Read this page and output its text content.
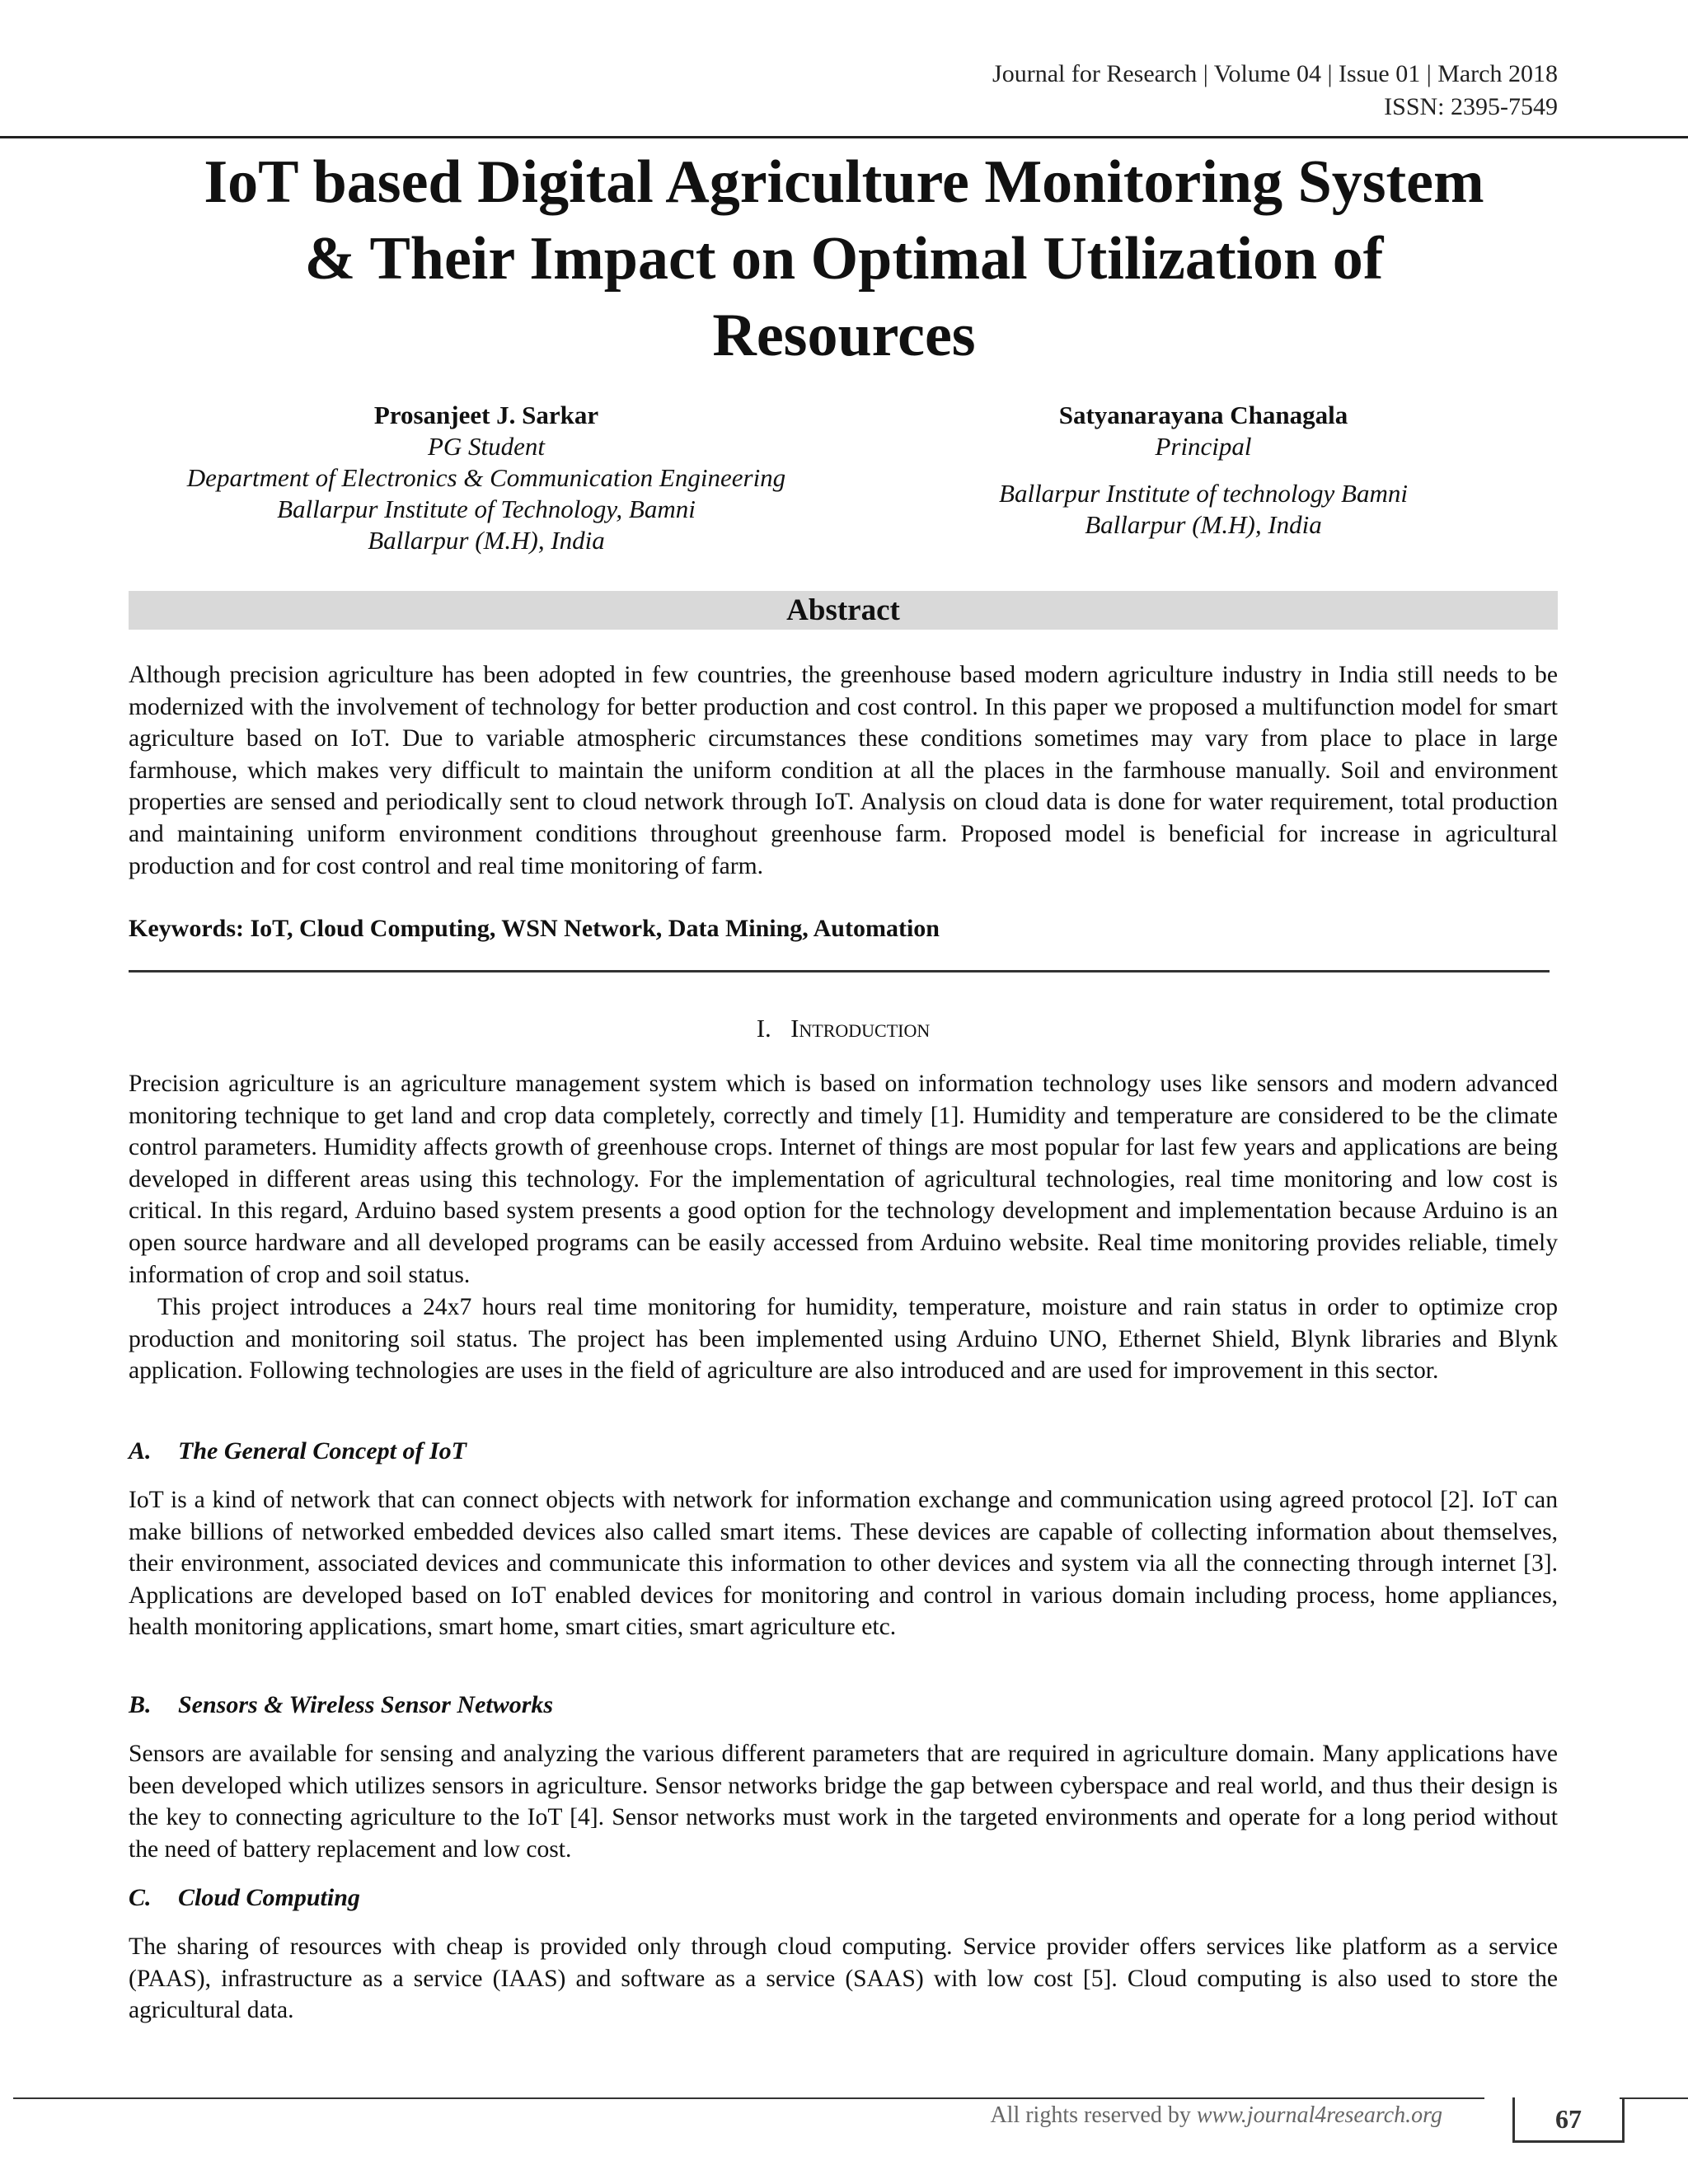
Journal for Research | Volume 04 | Issue 01 | March 2018
ISSN: 2395-7549
IoT based Digital Agriculture Monitoring System
& Their Impact on Optimal Utilization of
Resources
Prosanjeet J. Sarkar
PG Student
Department of Electronics & Communication Engineering
Ballarpur Institute of Technology, Bamni
Ballarpur (M.H), India
Satyanarayana Chanagala
Principal
Ballarpur Institute of technology Bamni
Ballarpur (M.H), India
Abstract

Although precision agriculture has been adopted in few countries, the greenhouse based modern agriculture industry in India still needs to be modernized with the involvement of technology for better production and cost control. In this paper we proposed a multifunction model for smart agriculture based on IoT. Due to variable atmospheric circumstances these conditions sometimes may vary from place to place in large farmhouse, which makes very difficult to maintain the uniform condition at all the places in the farmhouse manually. Soil and environment properties are sensed and periodically sent to cloud network through IoT. Analysis on cloud data is done for water requirement, total production and maintaining uniform environment conditions throughout greenhouse farm. Proposed model is beneficial for increase in agricultural production and for cost control and real time monitoring of farm.

Keywords: IoT, Cloud Computing, WSN Network, Data Mining, Automation
I. Introduction

Precision agriculture is an agriculture management system which is based on information technology uses like sensors and modern advanced monitoring technique to get land and crop data completely, correctly and timely [1]. Humidity and temperature are considered to be the climate control parameters. Humidity affects growth of greenhouse crops. Internet of things are most popular for last few years and applications are being developed in different areas using this technology. For the implementation of agricultural technologies, real time monitoring and low cost is critical. In this regard, Arduino based system presents a good option for the technology development and implementation because Arduino is an open source hardware and all developed programs can be easily accessed from Arduino website. Real time monitoring provides reliable, timely information of crop and soil status.

This project introduces a 24x7 hours real time monitoring for humidity, temperature, moisture and rain status in order to optimize crop production and monitoring soil status. The project has been implemented using Arduino UNO, Ethernet Shield, Blynk libraries and Blynk application. Following technologies are uses in the field of agriculture are also introduced and are used for improvement in this sector.

A. The General Concept of IoT

IoT is a kind of network that can connect objects with network for information exchange and communication using agreed protocol [2]. IoT can make billions of networked embedded devices also called smart items. These devices are capable of collecting information about themselves, their environment, associated devices and communicate this information to other devices and system via all the connecting through internet [3]. Applications are developed based on IoT enabled devices for monitoring and control in various domain including process, home appliances, health monitoring applications, smart home, smart cities, smart agriculture etc.

B. Sensors & Wireless Sensor Networks

Sensors are available for sensing and analyzing the various different parameters that are required in agriculture domain. Many applications have been developed which utilizes sensors in agriculture. Sensor networks bridge the gap between cyberspace and real world, and thus their design is the key to connecting agriculture to the IoT [4]. Sensor networks must work in the targeted environments and operate for a long period without the need of battery replacement and low cost.

C. Cloud Computing

The sharing of resources with cheap is provided only through cloud computing. Service provider offers services like platform as a service (PAAS), infrastructure as a service (IAAS) and software as a service (SAAS) with low cost [5]. Cloud computing is also used to store the agricultural data.

All rights reserved by www.journal4research.org	67
